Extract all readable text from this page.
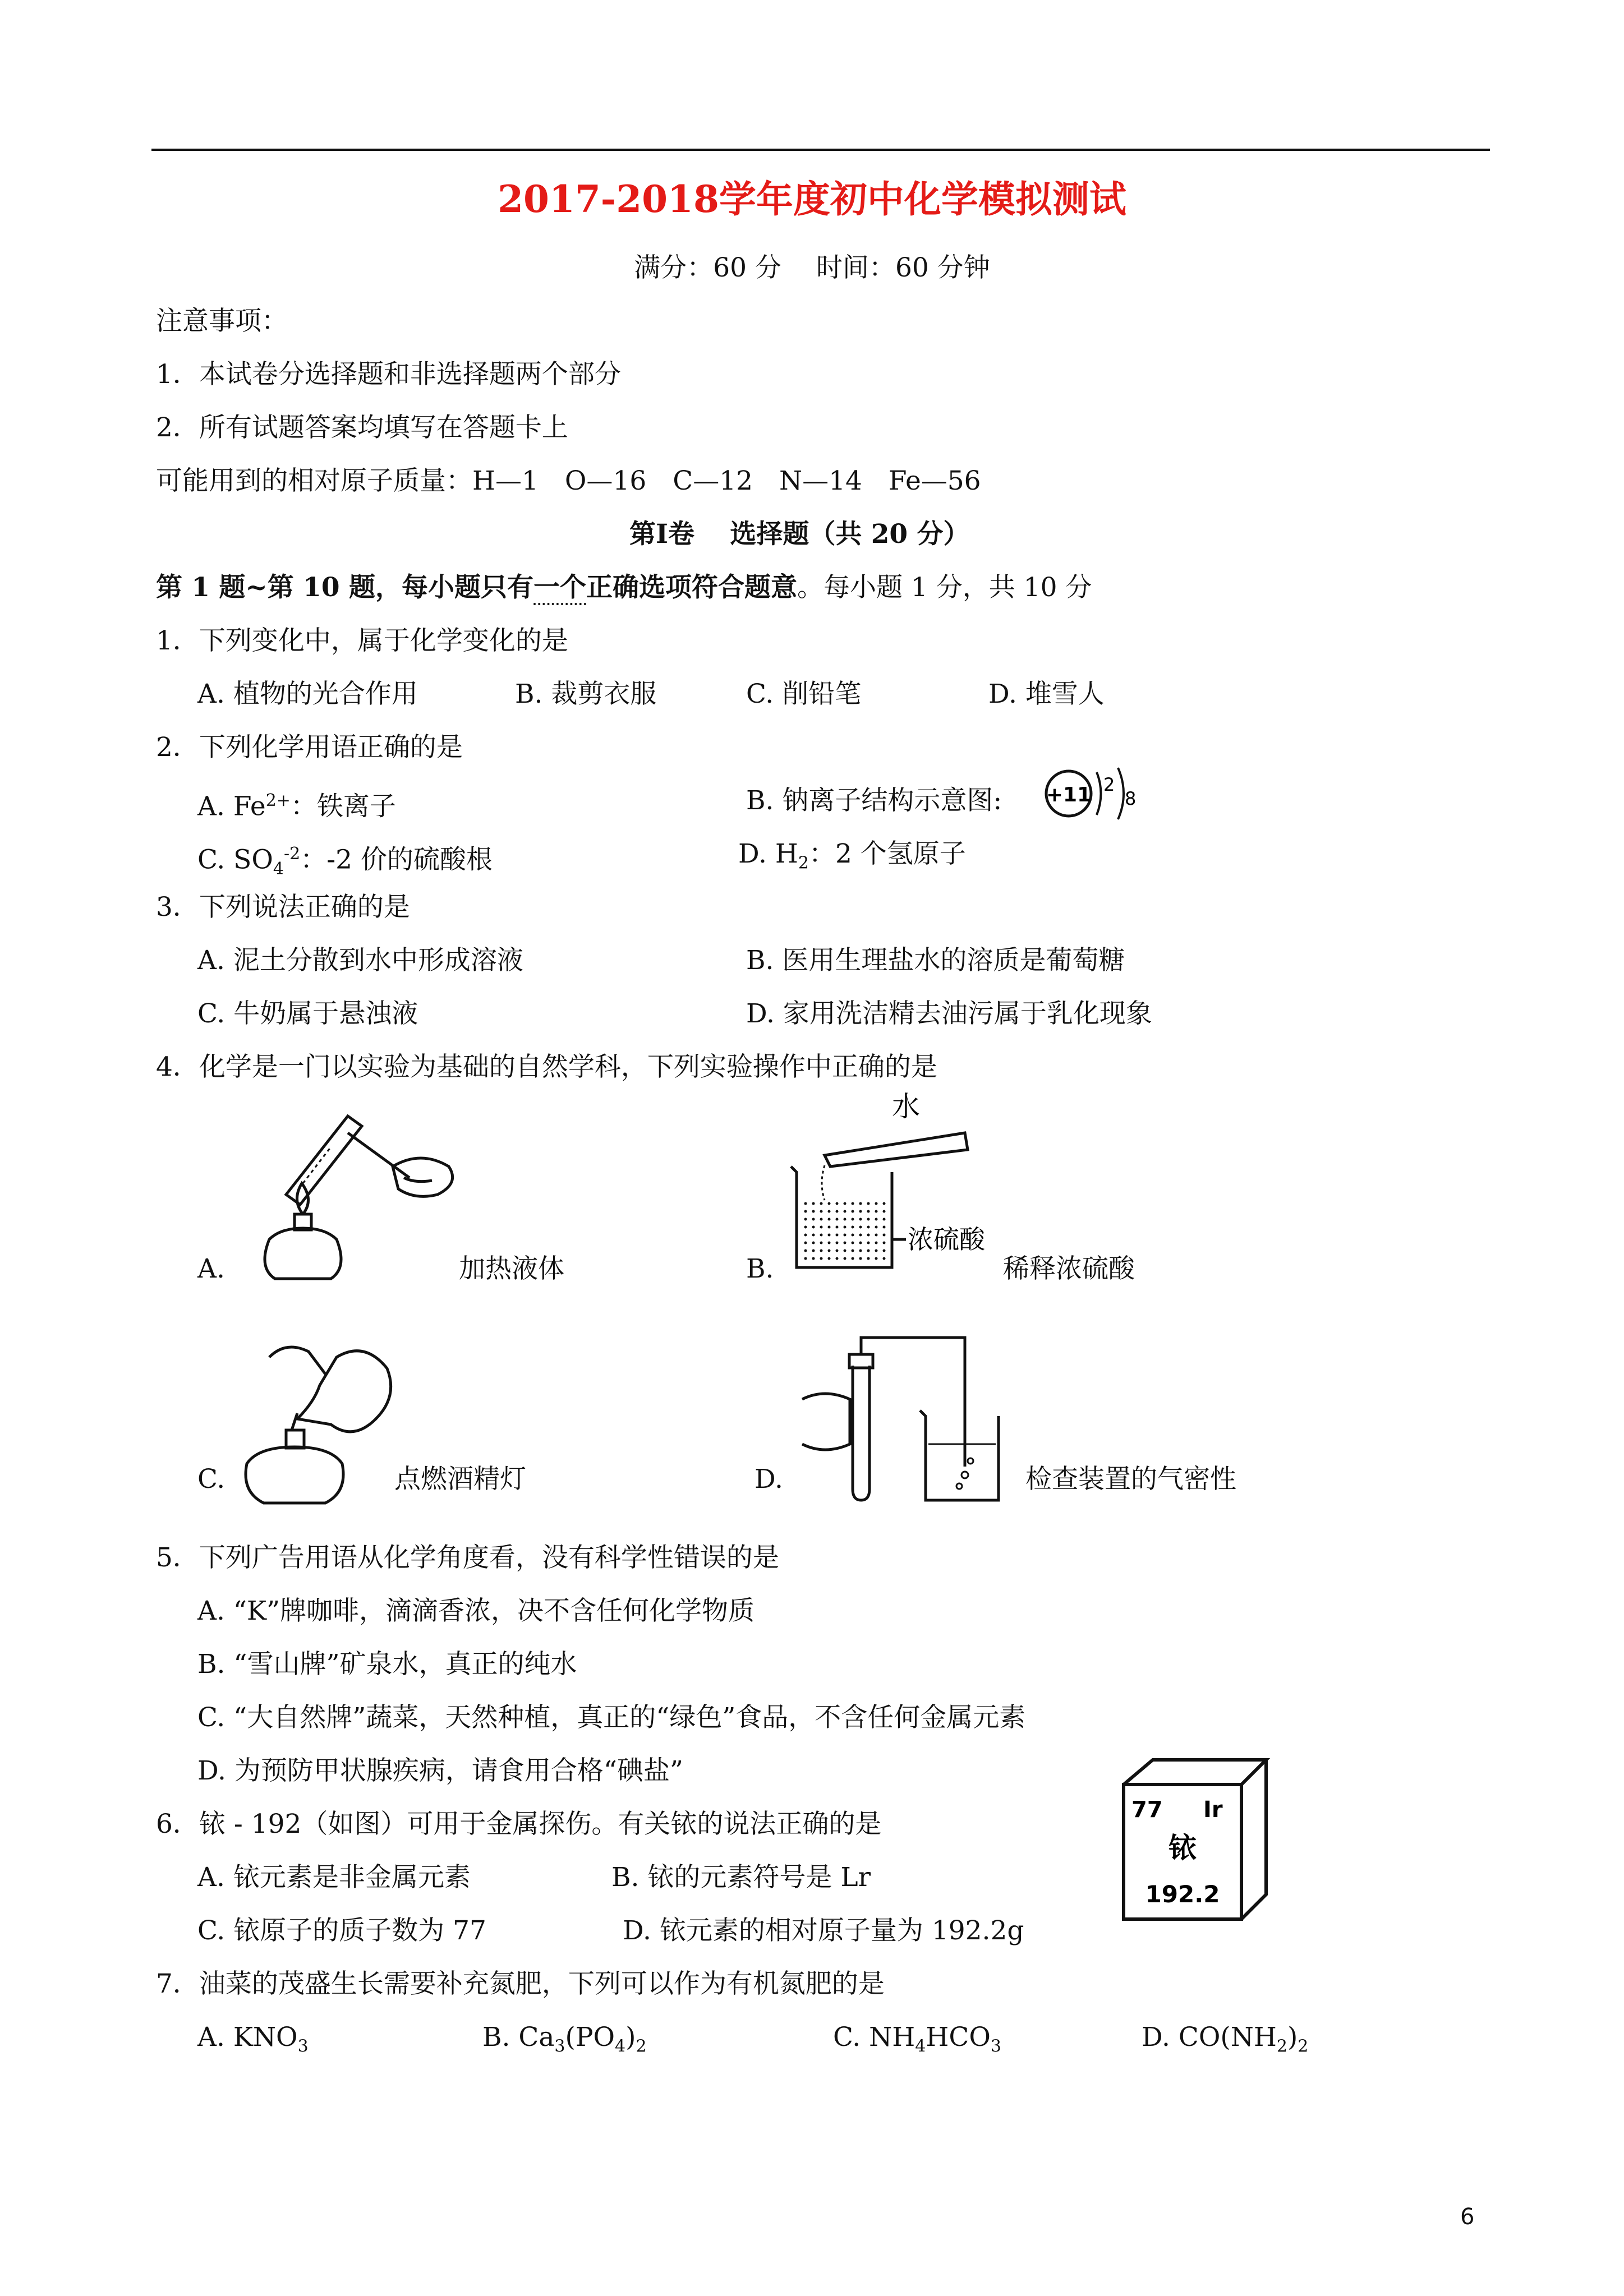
2017-2018学年度初中化学模拟测试
满分：60 分　 时间：60 分钟
注意事项：
1．本试卷分选择题和非选择题两个部分
2．所有试题答案均填写在答题卡上
可能用到的相对原子质量：H—1　O—16　C—12　N—14　Fe—56
第Ⅰ卷　 选择题（共 20 分）
第 1 题~第 10 题，每小题只有一个正确选项符合题意。每小题 1 分，共 10 分
1．下列变化中，属于化学变化的是
A. 植物的光合作用	B. 裁剪衣服	C. 削铅笔	D. 堆雪人
2．下列化学用语正确的是
A. $Fe^{2+}$：铁离子	B. 钠离子结构示意图: +11 2
8
C. $SO_4^{-2}$：-2 价的硫酸根	D. $H_2$：2 个氢原子
3．下列说法正确的是
A. 泥土分散到水中形成溶液	B. 医用生理盐水的溶质是葡萄糖
C. 牛奶属于悬浊液	D. 家用洗洁精去油污属于乳化现象
4．化学是一门以实验为基础的自然学科，下列实验操作中正确的是
A.	加热液体
水
浓硫酸
B.	稀释浓硫酸
C.	点燃酒精灯	D.	检查装置的气密性
5．下列广告用语从化学角度看，没有科学性错误的是
A. “K”牌咖啡，滴滴香浓，决不含任何化学物质
B. “雪山牌”矿泉水，真正的纯水
C. “大自然牌”蔬菜，天然种植，真正的“绿色”食品，不含任何金属元素
D. 为预防甲状腺疾病，请食用合格“碘盐”
6．铱 - 192（如图）可用于金属探伤。有关铱的说法正确的是
A. 铱元素是非金属元素	B. 铱的元素符号是 Lr
C. 铱原子的质子数为 77	D. 铱元素的相对原子量为 192.2g
77 Ir
铱
192.2
7．油菜的茂盛生长需要补充氮肥，下列可以作为有机氮肥的是
A. $KNO_3$	B. $Ca_3(PO_4)_2$	C. $NH_4HCO_3$	D. $CO(NH_2)_2$
6
